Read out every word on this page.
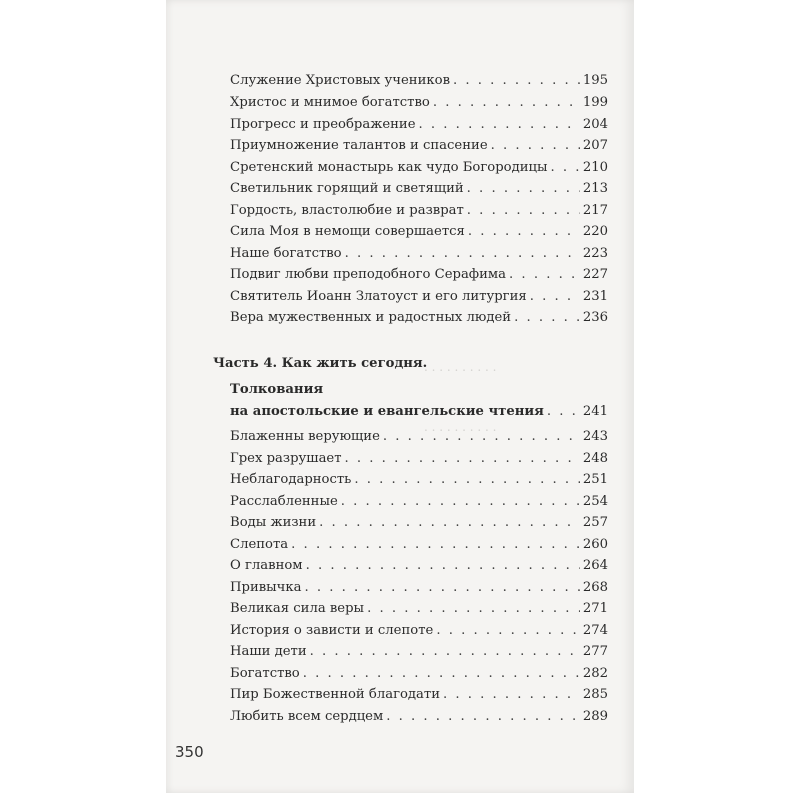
. . . . . . . . . .
. . . . . . . . . .
Служение Христовых учеников . . .	195
Христос и мнимое богатство . . .	199
Прогресс и преображение . . .	204
Приумножение талантов и спасение . . .	207
Сретенский монастырь как чудо Богородицы . . .	210
Светильник горящий и светящий . . .	213
Гордость, властолюбие и разврат . . .	217
Сила Моя в немощи совершается . . .	220
Наше богатство . . .	223
Подвиг любви преподобного Серафима . . .	227
Святитель Иоанн Златоуст и его литургия . . .	231
Вера мужественных и радостных людей . . .	236
Часть 4. Как жить сегодня.
Толкования
на апостольские и евангельские чтения . . .	241
Блаженны верующие . . .	243
Грех разрушает . . .	248
Неблагодарность . . .	251
Расслабленные . . .	254
Воды жизни . . .	257
Слепота . . .	260
О главном . . .	264
Привычка . . .	268
Великая сила веры . . .	271
История о зависти и слепоте . . .	274
Наши дети . . .	277
Богатство . . .	282
Пир Божественной благодати . . .	285
Любить всем сердцем . . .	289
350
